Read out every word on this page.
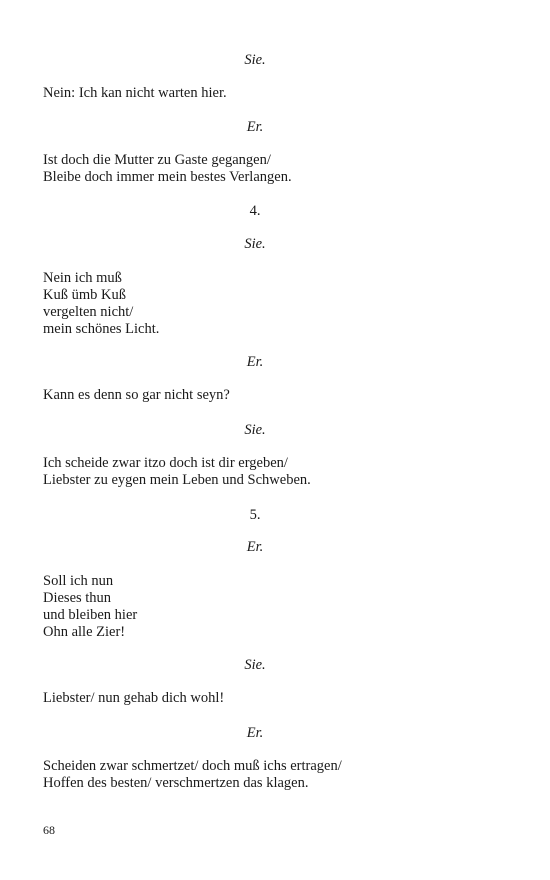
Sie.
Nein: Ich kan nicht warten hier.
Er.
Ist doch die Mutter zu Gaste gegangen/
Bleibe doch immer mein bestes Verlangen.
4.
Sie.
Nein ich muß
Kuß ümb Kuß
vergelten nicht/
mein schönes Licht.
Er.
Kann es denn so gar nicht seyn?
Sie.
Ich scheide zwar itzo doch ist dir ergeben/
Liebster zu eygen mein Leben und Schweben.
5.
Er.
Soll ich nun
Dieses thun
und bleiben hier
Ohn alle Zier!
Sie.
Liebster/ nun gehab dich wohl!
Er.
Scheiden zwar schmertzet/ doch muß ichs ertragen/
Hoffen des besten/ verschmertzen das klagen.
68
